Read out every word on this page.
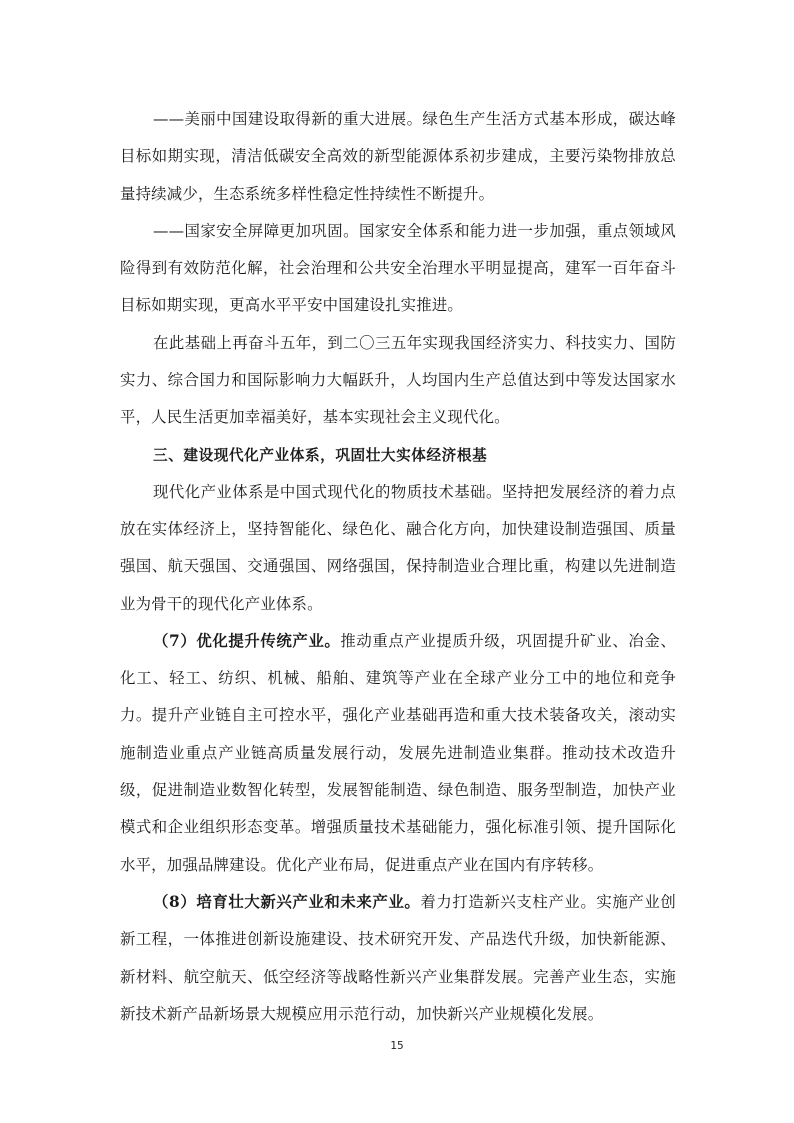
——美丽中国建设取得新的重大进展。绿色生产生活方式基本形成，碳达峰目标如期实现，清洁低碳安全高效的新型能源体系初步建成，主要污染物排放总量持续减少，生态系统多样性稳定性持续性不断提升。

——国家安全屏障更加巩固。国家安全体系和能力进一步加强，重点领域风险得到有效防范化解，社会治理和公共安全治理水平明显提高，建军一百年奋斗目标如期实现，更高水平平安中国建设扎实推进。

在此基础上再奋斗五年，到二〇三五年实现我国经济实力、科技实力、国防实力、综合国力和国际影响力大幅跃升，人均国内生产总值达到中等发达国家水平，人民生活更加幸福美好，基本实现社会主义现代化。

三、建设现代化产业体系，巩固壮大实体经济根基

现代化产业体系是中国式现代化的物质技术基础。坚持把发展经济的着力点放在实体经济上，坚持智能化、绿色化、融合化方向，加快建设制造强国、质量强国、航天强国、交通强国、网络强国，保持制造业合理比重，构建以先进制造业为骨干的现代化产业体系。

（7）优化提升传统产业。推动重点产业提质升级，巩固提升矿业、冶金、化工、轻工、纺织、机械、船舶、建筑等产业在全球产业分工中的地位和竞争力。提升产业链自主可控水平，强化产业基础再造和重大技术装备攻关，滚动实施制造业重点产业链高质量发展行动，发展先进制造业集群。推动技术改造升级，促进制造业数智化转型，发展智能制造、绿色制造、服务型制造，加快产业模式和企业组织形态变革。增强质量技术基础能力，强化标准引领、提升国际化水平，加强品牌建设。优化产业布局，促进重点产业在国内有序转移。

（8）培育壮大新兴产业和未来产业。着力打造新兴支柱产业。实施产业创新工程，一体推进创新设施建设、技术研究开发、产品迭代升级，加快新能源、新材料、航空航天、低空经济等战略性新兴产业集群发展。完善产业生态，实施新技术新产品新场景大规模应用示范行动，加快新兴产业规模化发展。

15
